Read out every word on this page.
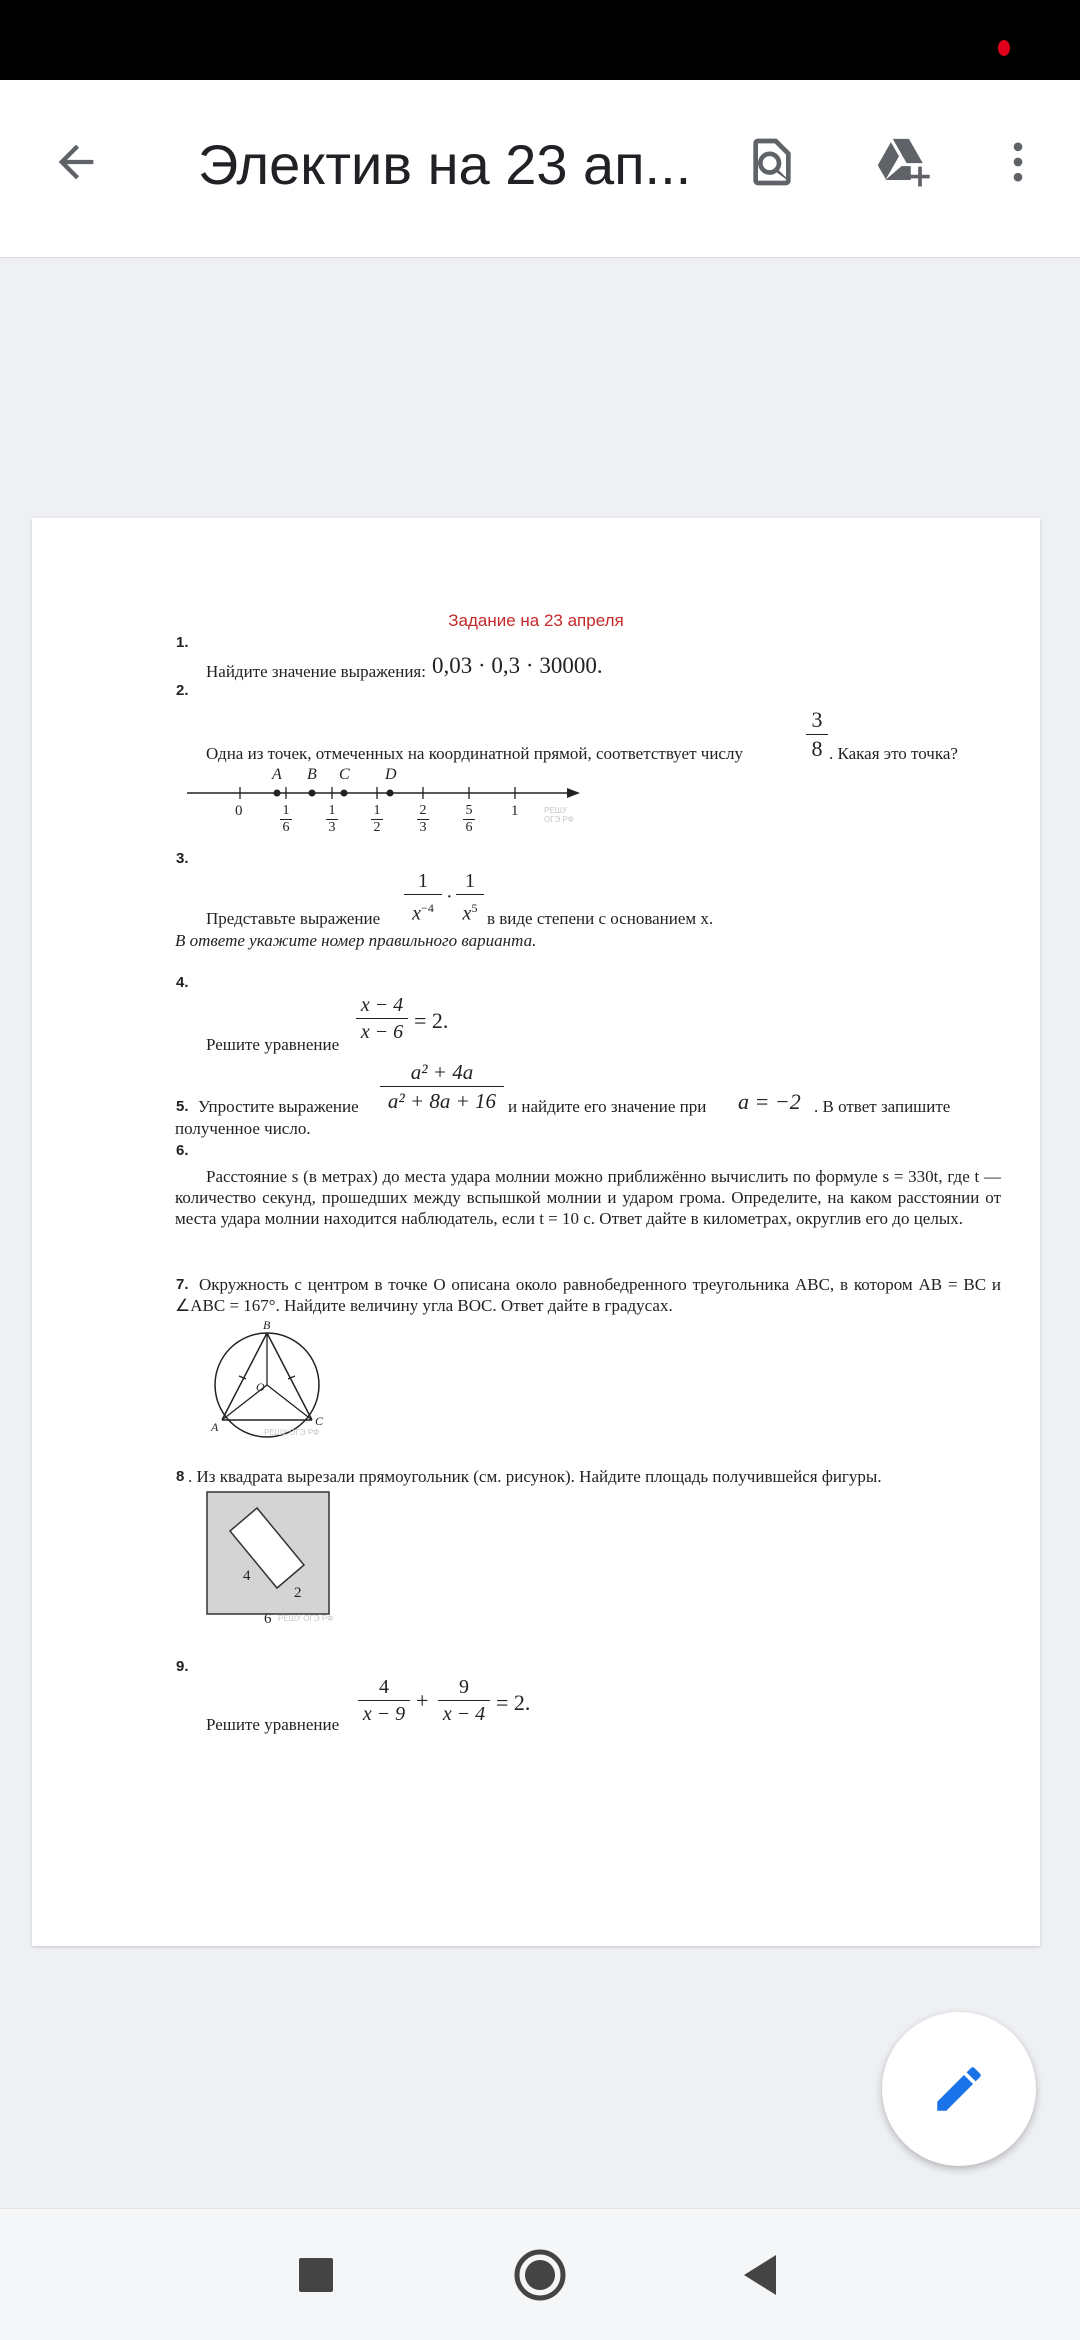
Электив на 23 ап...
Задание на 23 апреля
1.
Найдите значение выражения: 0,03 · 0,3 · 30000.
2.
Одна из точек, отмеченных на координатной прямой, соответствует числу	$\frac{3}{8}$ . Какая это точка?
A B C D
0	$\frac{1}{6} \frac{1}{3} \frac{1}{2} \frac{2}{3} \frac{5}{6} 1$	РЕШУ ОГЭ РФ
3.
Представьте выражение $\frac{1}{x^{-4}} \cdot \frac{1}{x^5}$ в виде степени с основанием x.
В ответе укажите номер правильного варианта.
4.
Решите уравнение $\frac{x - 4}{x - 6} = 2$.
5. Упростите выражение $\frac{\text{a² + 4a}}{\text{a² + 8a + 16}}$ и найдите его значение при a = −2 . В ответ запишите
полученное число.
6.
Расстояние s (в метрах) до места удара молнии можно приближённо вычислить по формуле s = 330t, где t — количество секунд, прошедших между вспышкой молнии и ударом грома. Определите, на каком расстоянии от места удара молнии находится наблюдатель, если t = 10 с. Ответ дайте в километрах, округлив его до целых.
7. Окружность с центром в точке O описана около равнобедренного треугольника ABC, в котором AB = BC и ∠ABC = 167°. Найдите величину угла BOC. Ответ дайте в градусах.
B
O
A	C
РЕШУ ОГЭ РФ
8 . Из квадрата вырезали прямоугольник (см. рисунок). Найдите площадь получившейся фигуры.
4
2
6 РЕШУ ОГЭ РФ
9.
Решите уравнение $\frac{4}{x - 9} + \frac{9}{x - 4} = 2$.
